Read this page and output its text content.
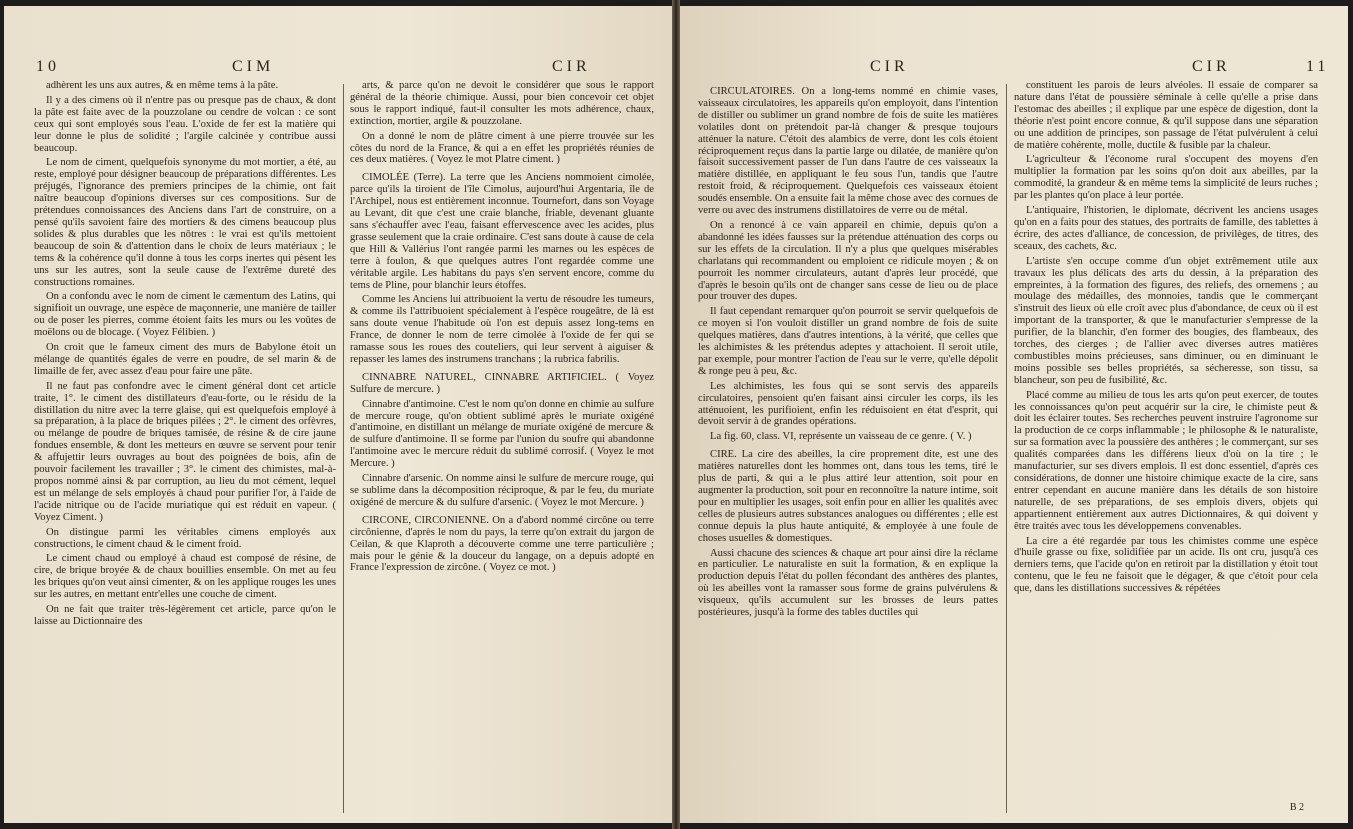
10	CIM	CIR

adhèrent les uns aux autres, & en même tems à la pâte.

Il y a des cimens où il n'entre pas ou presque pas de chaux, & dont la pâte est faite avec de la pouzzolane ou cendre de volcan : ce sont ceux qui sont employés sous l'eau. L'oxide de fer est la matière qui leur donne le plus de solidité ; l'argile calcinée y contribue aussi beaucoup.

Le nom de ciment, quelquefois synonyme du mot mortier, a été, au reste, employé pour désigner beaucoup de préparations différentes. Les préjugés, l'ignorance des premiers principes de la chimie, ont fait naître beaucoup d'opinions diverses sur ces compositions. Sur de prétendues connoissances des Anciens dans l'art de construire, on a pensé qu'ils savoient faire des mortiers & des cimens beaucoup plus solides & plus durables que les nôtres : le vrai est qu'ils mettoient beaucoup de soin & d'attention dans le choix de leurs matériaux ; le tems & la cohérence qu'il donne à tous les corps inertes qui pèsent les uns sur les autres, sont la seule cause de l'extrême dureté des constructions romaines.

On a confondu avec le nom de ciment le cæmentum des Latins, qui signifioit un ouvrage, une espèce de maçonnerie, une manière de tailler ou de poser les pierres, comme étoient faits les murs ou les voûtes de moëlons ou de blocage. ( Voyez Félibien. )

On croit que le fameux ciment des murs de Babylone étoit un mélange de quantités égales de verre en poudre, de sel marin & de limaille de fer, avec assez d'eau pour faire une pâte.

Il ne faut pas confondre avec le ciment général dont cet article traite, 1°. le ciment des distillateurs d'eau-forte, ou le résidu de la distillation du nitre avec la terre glaise, qui est quelquefois employé à sa préparation, à la place de briques pilées ; 2°. le ciment des orfèvres, ou mélange de poudre de briques tamisée, de résine & de cire jaune fondues ensemble, & dont les metteurs en œuvre se servent pour tenir & affujettir leurs ouvrages au bout des poignées de bois, afin de pouvoir facilement les travailler ; 3°. le ciment des chimistes, mal-à-propos nommé ainsi & par corruption, au lieu du mot cément, lequel est un mélange de sels employés à chaud pour purifier l'or, à l'aide de l'acide nitrique ou de l'acide muriatique qui est réduit en vapeur. ( Voyez Ciment. )

On distingue parmi les véritables cimens employés aux constructions, le ciment chaud & le ciment froid.

Le ciment chaud ou employé à chaud est composé de résine, de cire, de brique broyée & de chaux bouillies ensemble. On met au feu les briques qu'on veut ainsi cimenter, & on les applique rouges les unes sur les autres, en mettant entr'elles une couche de ciment.

On ne fait que traiter très-légèrement cet article, parce qu'on le laisse au Dictionnaire des

arts, & parce qu'on ne devoit le considérer que sous le rapport général de la théorie chimique. Aussi, pour bien concevoir cet objet sous le rapport indiqué, faut-il consulter les mots adhérence, chaux, extinction, mortier, argile & pouzzolane.

On a donné le nom de plâtre ciment à une pierre trouvée sur les côtes du nord de la France, & qui a en effet les propriétés réunies de ces deux matières. ( Voyez le mot Platre ciment. )

CIMOLÉE (Terre). La terre que les Anciens nommoient cimolée, parce qu'ils la tiroient de l'île Cimolus, aujourd'hui Argentaria, île de l'Archipel, nous est entièrement inconnue. Tournefort, dans son Voyage au Levant, dit que c'est une craie blanche, friable, devenant gluante sans s'échauffer avec l'eau, faisant effervescence avec les acides, plus grasse seulement que la craie ordinaire. C'est sans doute à cause de cela que Hill & Vallérius l'ont rangée parmi les marnes ou les espèces de terre à foulon, & que quelques autres l'ont regardée comme une véritable argile. Les habitans du pays s'en servent encore, comme du tems de Pline, pour blanchir leurs étoffes.

Comme les Anciens lui attribuoient la vertu de résoudre les tumeurs, & comme ils l'attribuoient spécialement à l'espèce rougeâtre, de là est sans doute venue l'habitude où l'on est depuis assez long-tems en France, de donner le nom de terre cimolée à l'oxide de fer qui se ramasse sous les roues des couteliers, qui leur servent à aiguiser & repasser les lames des instrumens tranchans ; la rubrica fabrilis.

CINNABRE NATUREL, CINNABRE ARTIFICIEL. ( Voyez Sulfure de mercure. )

Cinnabre d'antimoine. C'est le nom qu'on donne en chimie au sulfure de mercure rouge, qu'on obtient sublimé après le muriate oxigéné d'antimoine, en distillant un mélange de muriate oxigéné de mercure & de sulfure d'antimoine. Il se forme par l'union du soufre qui abandonne l'antimoine avec le mercure réduit du sublimé corrosif. ( Voyez le mot Mercure. )

Cinnabre d'arsenic. On nomme ainsi le sulfure de mercure rouge, qui se sublime dans la décomposition réciproque, & par le feu, du muriate oxigéné de mercure & du sulfure d'arsenic. ( Voyez le mot Mercure. )

CIRCONE, CIRCONIENNE. On a d'abord nommé circône ou terre circônienne, d'après le nom du pays, la terre qu'on extrait du jargon de Ceilan, & que Klaproth a découverte comme une terre particulière ; mais pour le génie & la douceur du langage, on a depuis adopté en France l'expression de zircône. ( Voyez ce mot. )

CIR	CIR	11

CIRCULATOIRES. On a long-tems nommé en chimie vases, vaisseaux circulatoires, les appareils qu'on employoit, dans l'intention de distiller ou sublimer un grand nombre de fois de suite les matières volatiles dont on prétendoit par-là changer & presque toujours atténuer la nature. C'étoit des alambics de verre, dont les cols étoient réciproquement reçus dans la partie large ou dilatée, de manière qu'on faisoit successivement passer de l'un dans l'autre de ces vaisseaux la matière distillée, en appliquant le feu sous l'un, tandis que l'autre restoit froid, & réciproquement. Quelquefois ces vaisseaux étoient soudés ensemble. On a ensuite fait la même chose avec des cornues de verre ou avec des instrumens distillatoires de verre ou de métal.

On a renoncé à ce vain appareil en chimie, depuis qu'on a abandonné les idées fausses sur la prétendue atténuation des corps ou sur les effets de la circulation. Il n'y a plus que quelques misérables charlatans qui recommandent ou emploient ce ridicule moyen ; & on pourroit les nommer circulateurs, autant d'après leur procédé, que d'après le besoin qu'ils ont de changer sans cesse de lieu ou de place pour trouver des dupes.

Il faut cependant remarquer qu'on pourroit se servir quelquefois de ce moyen si l'on vouloit distiller un grand nombre de fois de suite quelques matières, dans d'autres intentions, à la vérité, que celles que les alchimistes & les prétendus adeptes y attachoient. Il seroit utile, par exemple, pour montrer l'action de l'eau sur le verre, qu'elle dépolit & ronge peu à peu, &c.

Les alchimistes, les fous qui se sont servis des appareils circulatoires, pensoient qu'en faisant ainsi circuler les corps, ils les atténuoient, les purifioient, enfin les réduisoient en état d'esprit, qui devoit servir à de grandes opérations.

La fig. 60, class. VI, représente un vaisseau de ce genre. ( V. )

CIRE. La cire des abeilles, la cire proprement dite, est une des matières naturelles dont les hommes ont, dans tous les tems, tiré le plus de parti, & qui a le plus attiré leur attention, soit pour en augmenter la production, soit pour en reconnoître la nature intime, soit pour en multiplier les usages, soit enfin pour en allier les qualités avec celles de plusieurs autres substances analogues ou différentes ; elle est connue depuis la plus haute antiquité, & employée à une foule de choses usuelles & domestiques.

Aussi chacune des sciences & chaque art pour ainsi dire la réclame en particulier. Le naturaliste en suit la formation, & en explique la production depuis l'état du pollen fécondant des anthères des plantes, où les abeilles vont la ramasser sous forme de grains pulvérulens & visqueux, qu'ils accumulent sur les brosses de leurs pattes postérieures, jusqu'à la forme des tables ductiles qui

constituent les parois de leurs alvéoles. Il essaie de comparer sa nature dans l'état de poussière séminale à celle qu'elle a prise dans l'estomac des abeilles ; il explique par une espèce de digestion, dont la théorie n'est point encore connue, & qu'il suppose dans une séparation ou une addition de principes, son passage de l'état pulvérulent à celui de matière cohérente, molle, ductile & fusible par la chaleur.

L'agriculteur & l'économe rural s'occupent des moyens d'en multiplier la formation par les soins qu'on doit aux abeilles, par la commodité, la grandeur & en même tems la simplicité de leurs ruches ; par les plantes qu'on place à leur portée.

L'antiquaire, l'historien, le diplomate, décrivent les anciens usages qu'on en a faits pour des statues, des portraits de famille, des tablettes à écrire, des actes d'alliance, de concession, de privilèges, de titres, des sceaux, des cachets, &c.

L'artiste s'en occupe comme d'un objet extrêmement utile aux travaux les plus délicats des arts du dessin, à la préparation des empreintes, à la formation des figures, des reliefs, des ornemens ; au moulage des médailles, des monnoies, tandis que le commerçant s'instruit des lieux où elle croît avec plus d'abondance, de ceux où il est important de la transporter, & que le manufacturier s'empresse de la purifier, de la blanchir, d'en former des bougies, des flambeaux, des torches, des cierges ; de l'allier avec diverses autres matières combustibles moins précieuses, sans diminuer, ou en diminuant le moins possible ses belles propriétés, sa sécheresse, son tissu, sa blancheur, son peu de fusibilité, &c.

Placé comme au milieu de tous les arts qu'on peut exercer, de toutes les connoissances qu'on peut acquérir sur la cire, le chimiste peut & doit les éclairer toutes. Ses recherches peuvent instruire l'agronome sur la production de ce corps inflammable ; le philosophe & le naturaliste, sur sa formation avec la poussière des anthères ; le commerçant, sur ses qualités comparées dans les différens lieux d'où on la tire ; le manufacturier, sur ses divers emplois. Il est donc essentiel, d'après ces considérations, de donner une histoire chimique exacte de la cire, sans entrer cependant en aucune manière dans les détails de son histoire naturelle, de ses préparations, de ses emplois divers, objets qui appartiennent entièrement aux autres Dictionnaires, & qui doivent y être traités avec tous les développemens convenables.

La cire a été regardée par tous les chimistes comme une espèce d'huile grasse ou fixe, solidifiée par un acide. Ils ont cru, jusqu'à ces derniers tems, que l'acide qu'on en retiroit par la distillation y étoit tout contenu, que le feu ne faisoit que le dégager, & que c'étoit pour cela que, dans les distillations successives & répétées

B 2
